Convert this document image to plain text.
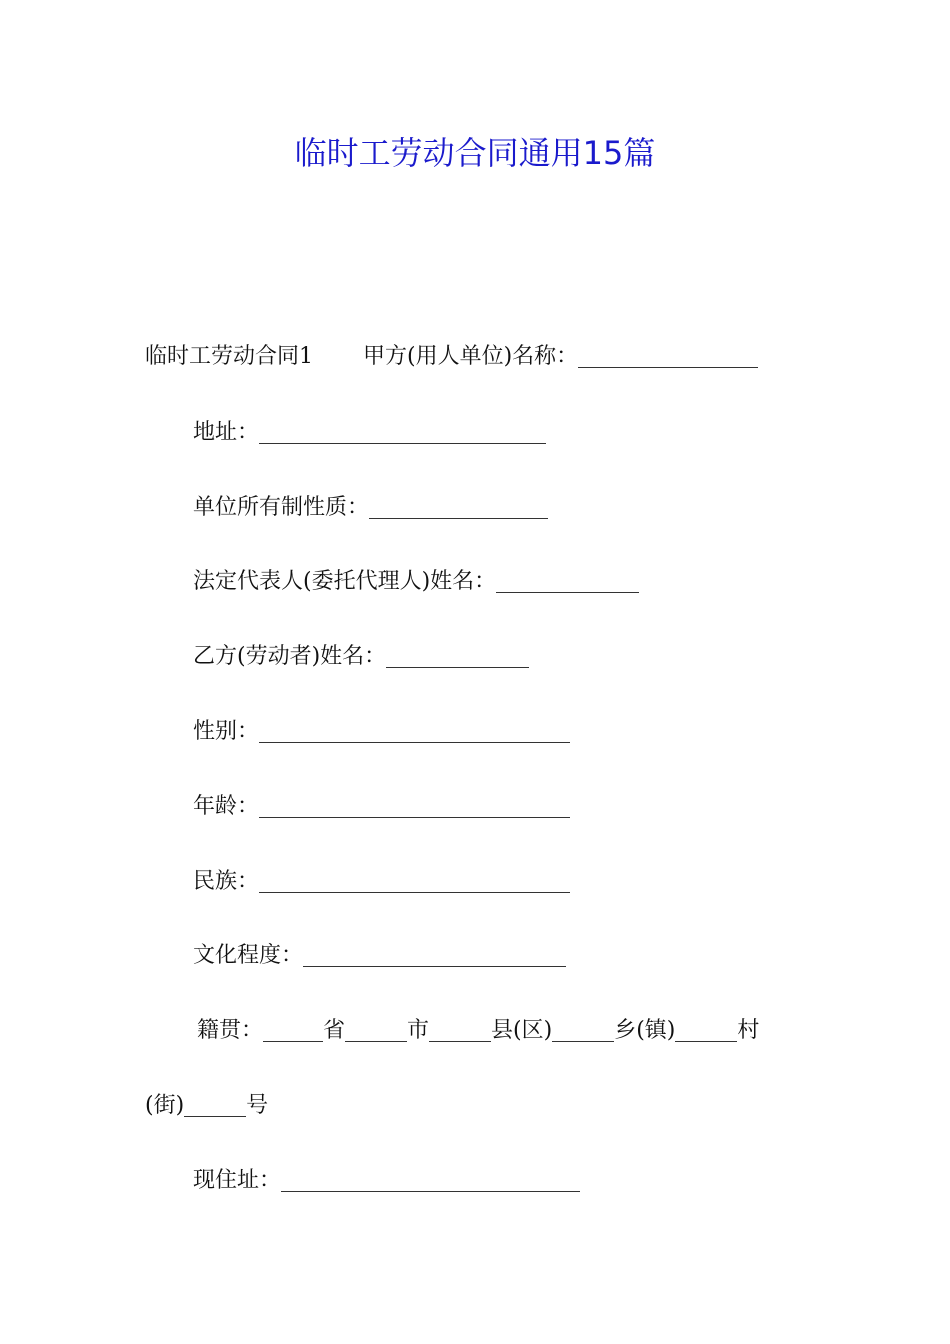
临时工劳动合同通用15篇
临时工劳动合同1 甲方(用人单位)名称：
地址：
单位所有制性质：
法定代表人(委托代理人)姓名：
乙方(劳动者)姓名：
性别：
年龄：
民族：
文化程度：
籍贯：	省	市	县(区)	乡(镇)	村
(街)	号
现住址：
